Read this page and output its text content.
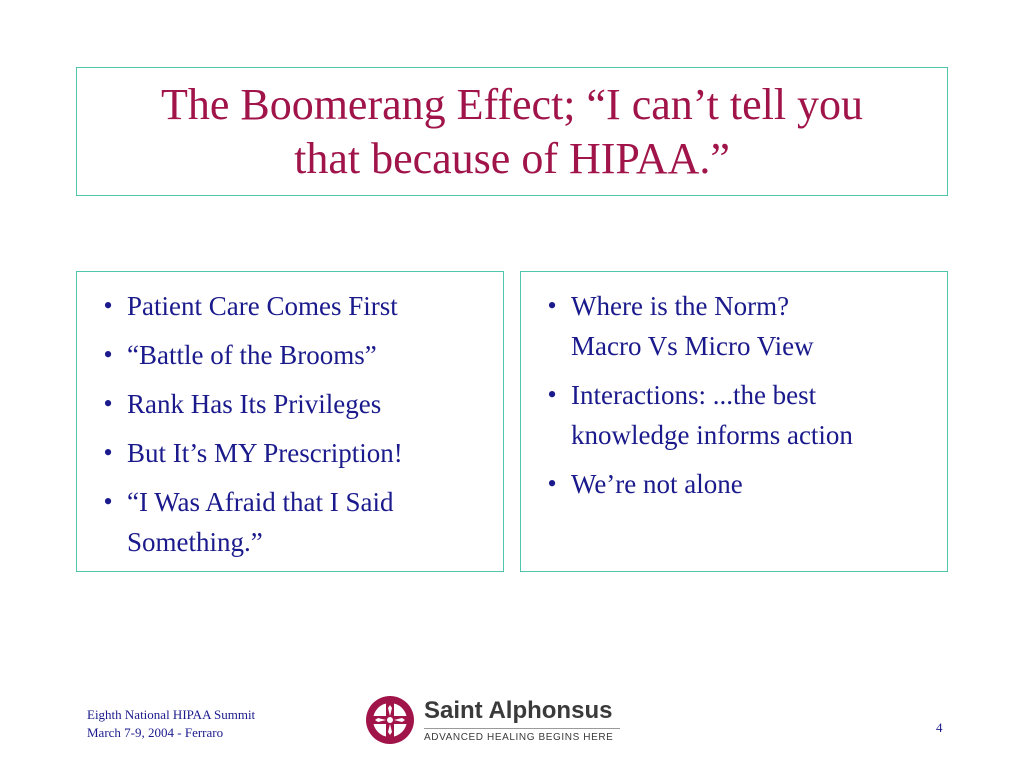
The Boomerang Effect; “I can’t tell you
that because of HIPAA.”
• Patient Care Comes First
• “Battle of the Brooms”
• Rank Has Its Privileges
• But It’s MY Prescription!
• “I Was Afraid that I Said
Something.”
• Where is the Norm?
Macro Vs Micro View
• Interactions: ...the best
knowledge informs action
• We’re not alone
Eighth National HIPAA Summit
March 7-9, 2004 - Ferraro
Saint Alphonsus
ADVANCED HEALING BEGINS HERE
4
